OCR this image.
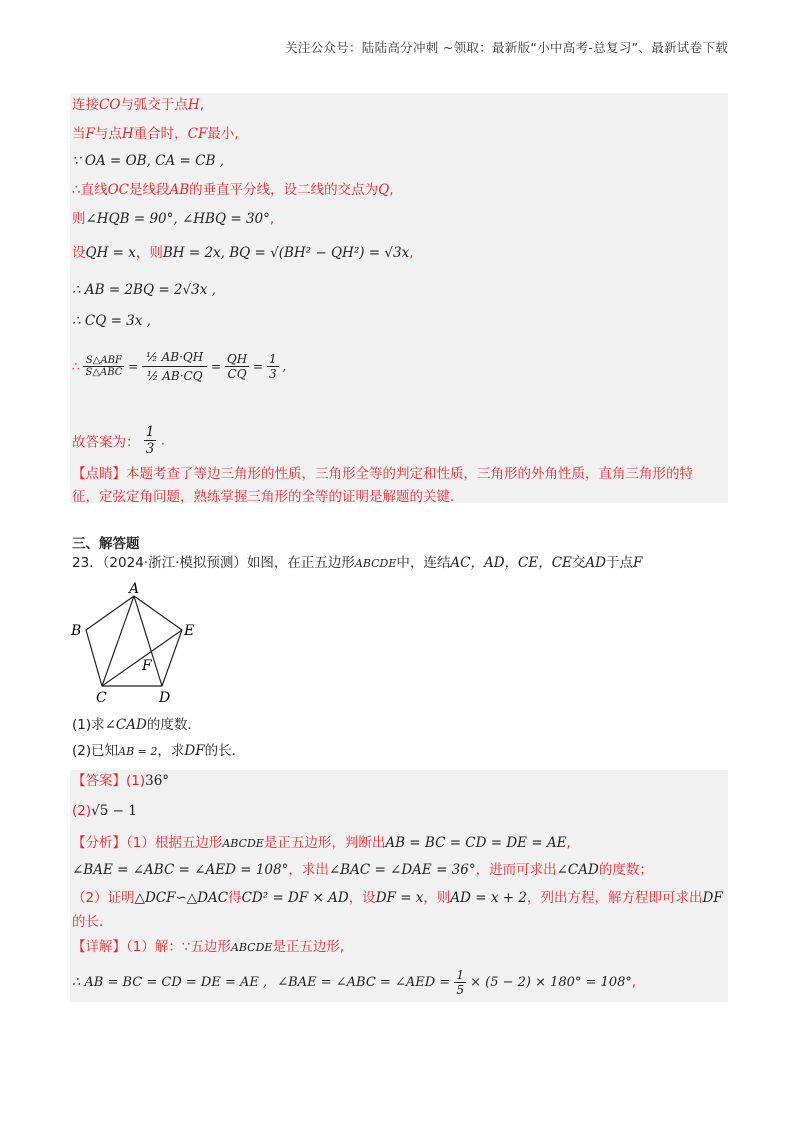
关注公众号：陆陆高分冲刺 ~领取：最新版“小中高考-总复习”、最新试卷下载
连接CO与弧交于点H,
当F与点H重合时，CF最小,
∵ OA = OB, CA = CB ,
∴直线OC是线段AB的垂直平分线，设二线的交点为Q,
则∠HQB = 90°, ∠HBQ = 30°,
设QH = x，则BH = 2x, BQ = √(BH² − QH²) = √3x,
∴ AB = 2BQ = 2√3x ,
∴ CQ = 3x ,
∴ $\frac{\text{S△ABF}}{\text{S△ABC}} = \frac{\text{½ AB·QH}}{\text{½ AB·CQ}} = \frac{QH}{CQ} = \frac{1}{3}$ ,
故答案为： $\frac{1}{3}$ .
【点睛】本题考查了等边三角形的性质，三角形全等的判定和性质，三角形的外角性质，直角三角形的特
征，定弦定角问题，熟练掌握三角形的全等的证明是解题的关键．
三、解答题
23．（2024·浙江·模拟预测）如图，在正五边形ABCDE中，连结AC，AD，CE，CE交AD于点F
A
B
C	D
E
F
(1)求∠CAD的度数．
(2)已知AB = 2，求DF的长．
【答案】(1)36°
(2)√5 − 1
【分析】（1）根据五边形ABCDE是正五边形，判断出AB = BC = CD = DE = AE,
∠BAE = ∠ABC = ∠AED = 108°，求出∠BAC = ∠DAE = 36°，进而可求出∠CAD的度数；
（2）证明△DCF∽△DAC得CD² = DF × AD，设DF = x，则AD = x + 2，列出方程，解方程即可求出DF
的长．
【详解】（1）解：∵五边形ABCDE是正五边形,
∴ AB = BC = CD = DE = AE , ∠BAE = ∠ABC = ∠AED = $\frac{1}{5} \times (5 - 2) \times 180^\circ = 108^\circ$,
